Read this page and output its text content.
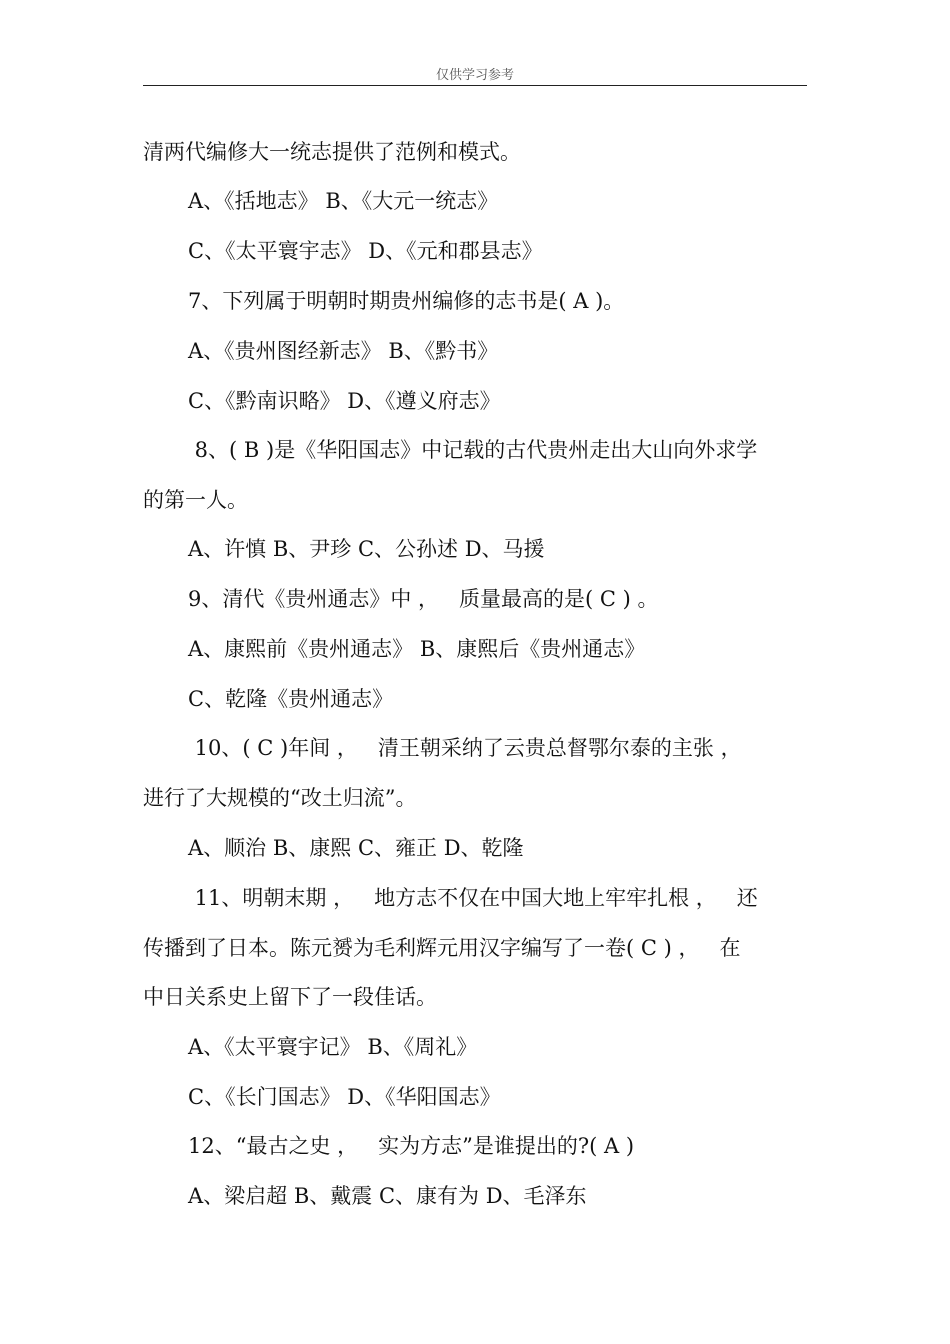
仅供学习参考
清两代编修大一统志提供了范例和模式。
A、《括地志》 B、《大元一统志》
C、《太平寰宇志》 D、《元和郡县志》
7、下列属于明朝时期贵州编修的志书是( A )。
A、《贵州图经新志》 B、《黔书》
C、《黔南识略》 D、《遵义府志》
8、( B )是《华阳国志》中记载的古代贵州走出大山向外求学
的第一人。
A、许慎 B、尹珍 C、公孙述 D、马援
9、清代《贵州通志》中 ，   质量最高的是( C ) 。
A、康熙前《贵州通志》 B、康熙后《贵州通志》
C、乾隆《贵州通志》
10、( C )年间 ，   清王朝采纳了云贵总督鄂尔泰的主张 ，
进行了大规模的“改土归流”。
A、顺治 B、康熙 C、雍正 D、乾隆
11、明朝末期 ，   地方志不仅在中国大地上牢牢扎根 ，   还
传播到了日本。陈元赟为毛利辉元用汉字编写了一卷( C ) ，   在
中日关系史上留下了一段佳话。
A、《太平寰宇记》 B、《周礼》
C、《长门国志》 D、《华阳国志》
12、“最古之史 ，   实为方志”是谁提出的?( A )
A、梁启超 B、戴震 C、康有为 D、毛泽东
